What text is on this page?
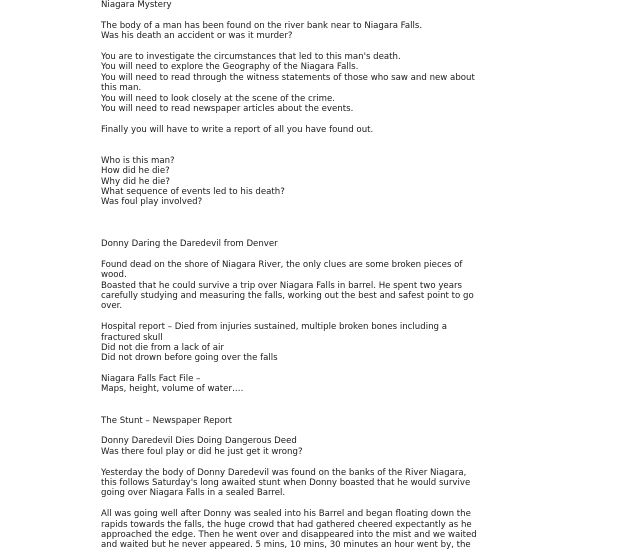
Niagara Mystery
The body of a man has been found on the river bank near to Niagara Falls.
Was his death an accident or was it murder?
You are to investigate the circumstances that led to this man's death.
You will need to explore the Geography of the Niagara Falls.
You will need to read through the witness statements of those who saw and new about
this man.
You will need to look closely at the scene of the crime.
You will need to read newspaper articles about the events.
Finally you will have to write a report of all you have found out.
Who is this man?
How did he die?
Why did he die?
What sequence of events led to his death?
Was foul play involved?
Donny Daring the Daredevil from Denver
Found dead on the shore of Niagara River, the only clues are some broken pieces of
wood.
Boasted that he could survive a trip over Niagara Falls in barrel. He spent two years
carefully studying and measuring the falls, working out the best and safest point to go
over.
Hospital report – Died from injuries sustained, multiple broken bones including a
fractured skull
Did not die from a lack of air
Did not drown before going over the falls
Niagara Falls Fact File –
Maps, height, volume of water….
The Stunt – Newspaper Report
Donny Daredevil Dies Doing Dangerous Deed
Was there foul play or did he just get it wrong?
Yesterday the body of Donny Daredevil was found on the banks of the River Niagara,
this follows Saturday's long awaited stunt when Donny boasted that he would survive
going over Niagara Falls in a sealed Barrel.
All was going well after Donny was sealed into his Barrel and began floating down the
rapids towards the falls, the huge crowd that had gathered cheered expectantly as he
approached the edge. Then he went over and disappeared into the mist and we waited
and waited but he never appeared. 5 mins, 10 mins, 30 minutes an hour went by, the
